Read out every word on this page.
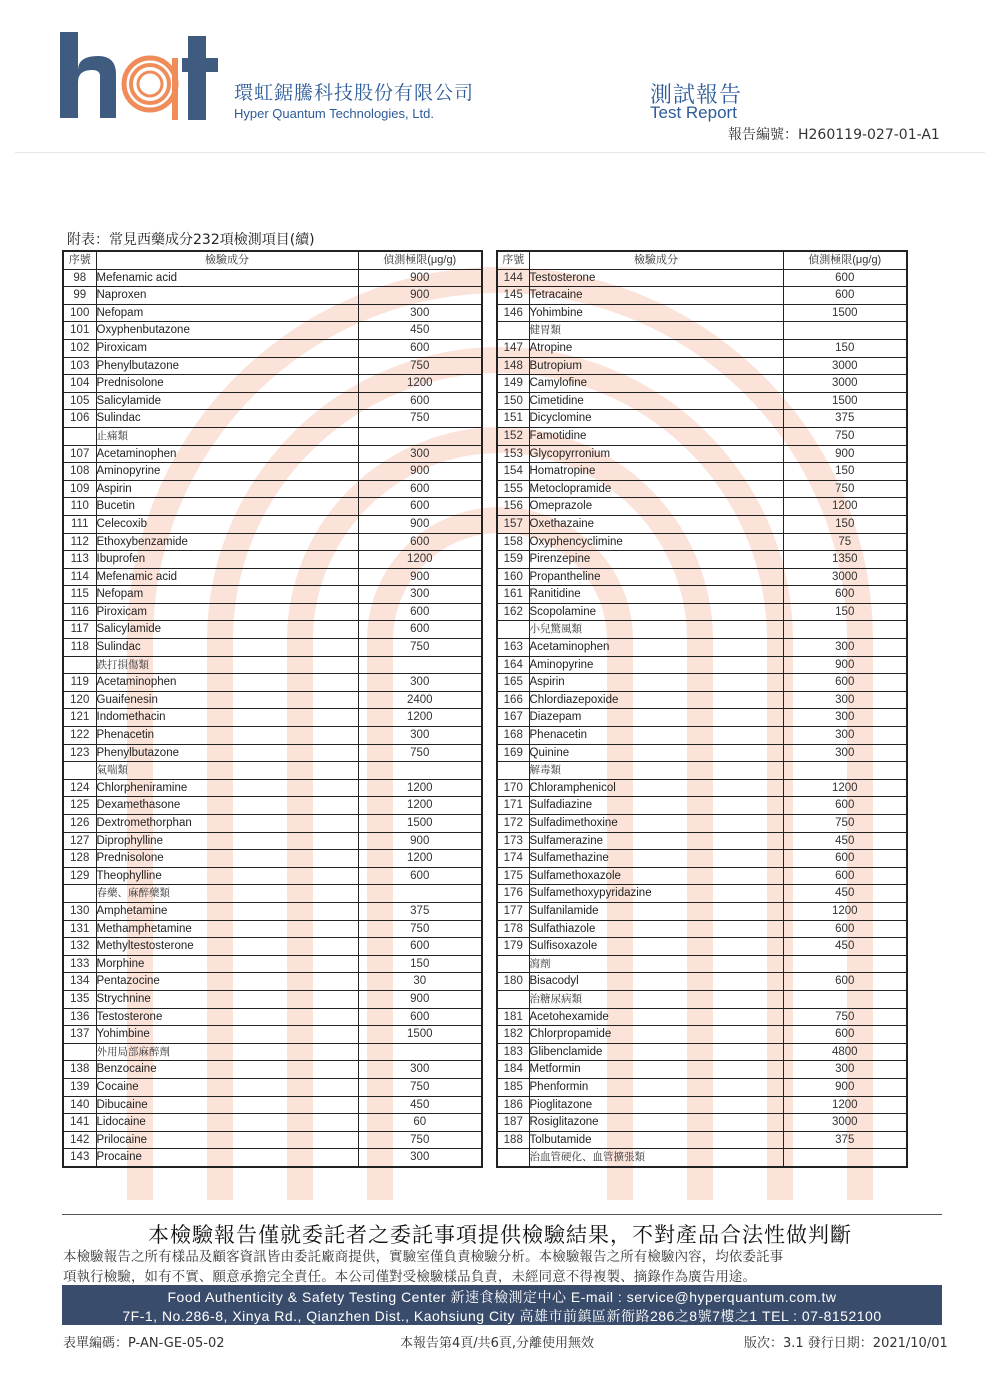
環虹鋸騰科技股份有限公司
Hyper Quantum Technologies, Ltd.
測試報告
Test Report
報告編號：H260119-027-01-A1
附表：常見西藥成分232項檢測項目(續)
序號	檢驗成分	偵測極限(μg/g)
98	Mefenamic acid	900
99	Naproxen	900
100	Nefopam	300
101	Oxyphenbutazone	450
102	Piroxicam	600
103	Phenylbutazone	750
104	Prednisolone	1200
105	Salicylamide	600
106	Sulindac	750
	止痛類	
107	Acetaminophen	300
108	Aminopyrine	900
109	Aspirin	600
110	Bucetin	600
111	Celecoxib	900
112	Ethoxybenzamide	600
113	Ibuprofen	1200
114	Mefenamic acid	900
115	Nefopam	300
116	Piroxicam	600
117	Salicylamide	600
118	Sulindac	750
	跌打損傷類	
119	Acetaminophen	300
120	Guaifenesin	2400
121	Indomethacin	1200
122	Phenacetin	300
123	Phenylbutazone	750
	氣喘類	
124	Chlorpheniramine	1200
125	Dexamethasone	1200
126	Dextromethorphan	1500
127	Diprophylline	900
128	Prednisolone	1200
129	Theophylline	600
	春藥、麻醉藥類	
130	Amphetamine	375
131	Methamphetamine	750
132	Methyltestosterone	600
133	Morphine	150
134	Pentazocine	30
135	Strychnine	900
136	Testosterone	600
137	Yohimbine	1500
	外用局部麻醉劑	
138	Benzocaine	300
139	Cocaine	750
140	Dibucaine	450
141	Lidocaine	60
142	Prilocaine	750
143	Procaine	300
序號	檢驗成分	偵測極限(μg/g)
144	Testosterone	600
145	Tetracaine	600
146	Yohimbine	1500
	健胃類	
147	Atropine	150
148	Butropium	3000
149	Camylofine	3000
150	Cimetidine	1500
151	Dicyclomine	375
152	Famotidine	750
153	Glycopyrronium	900
154	Homatropine	150
155	Metoclopramide	750
156	Omeprazole	1200
157	Oxethazaine	150
158	Oxyphencyclimine	75
159	Pirenzepine	1350
160	Propantheline	3000
161	Ranitidine	600
162	Scopolamine	150
	小兒驚風類	
163	Acetaminophen	300
164	Aminopyrine	900
165	Aspirin	600
166	Chlordiazepoxide	300
167	Diazepam	300
168	Phenacetin	300
169	Quinine	300
	解毒類	
170	Chloramphenicol	1200
171	Sulfadiazine	600
172	Sulfadimethoxine	750
173	Sulfamerazine	450
174	Sulfamethazine	600
175	Sulfamethoxazole	600
176	Sulfamethoxypyridazine	450
177	Sulfanilamide	1200
178	Sulfathiazole	600
179	Sulfisoxazole	450
	瀉劑	
180	Bisacodyl	600
	治糖尿病類	
181	Acetohexamide	750
182	Chlorpropamide	600
183	Glibenclamide	4800
184	Metformin	300
185	Phenformin	900
186	Pioglitazone	1200
187	Rosiglitazone	3000
188	Tolbutamide	375
	治血管硬化、血管擴張類	
本檢驗報告僅就委託者之委託事項提供檢驗結果，不對產品合法性做判斷
本檢驗報告之所有樣品及顧客資訊皆由委託廠商提供，實驗室僅負責檢驗分析。本檢驗報告之所有檢驗內容，均依委託事
項執行檢驗，如有不實、願意承擔完全責任。本公司僅對受檢驗樣品負責，未經同意不得複製、摘錄作為廣告用途。
Food Authenticity & Safety Testing Center 新速食檢測定中心 E-mail : service@hyperquantum.com.tw
7F-1, No.286-8, Xinya Rd., Qianzhen Dist., Kaohsiung City 高雄市前鎮區新衙路286之8號7樓之1 TEL : 07-8152100
表單編碼：P-AN-GE-05-02	本報告第4頁/共6頁,分離使用無效	版次：3.1 發行日期：2021/10/01
